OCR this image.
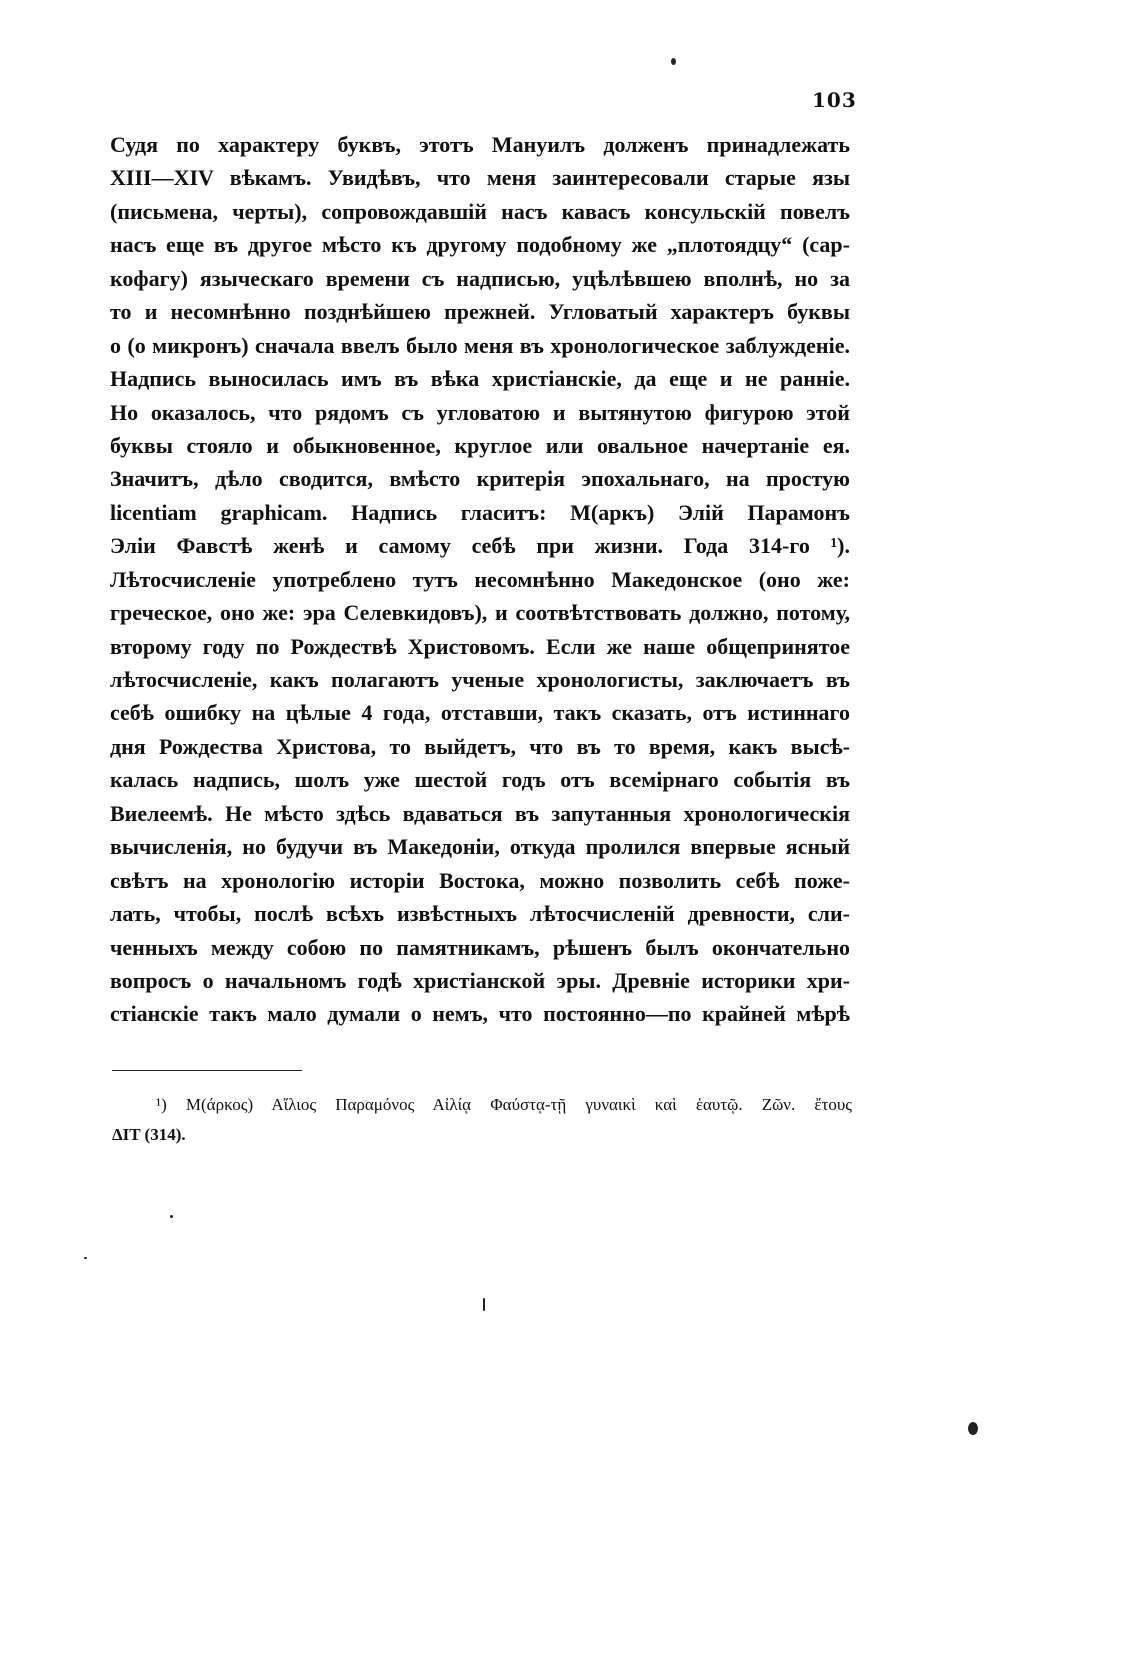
103
Судя по характеру буквъ, этотъ Мануилъ долженъ принадлежать
XIII—XIV вѣкамъ. Увидѣвъ, что меня заинтересовали старые язы
(письмена, черты), сопровождавшiй насъ кавасъ консульскiй повелъ
насъ еще въ другое мѣсто къ другому подобному же „плотоядцу“ (сар-
кофагу) языческаго времени съ надписью, уцѣлѣвшею вполнѣ, но за
то и несомнѣнно позднѣйшею прежней. Угловатый характеръ буквы
о (о микронъ) сначала ввелъ было меня въ хронологическое заблужденie.
Надпись выносилась имъ въ вѣка христiанскiе, да еще и не раннiе.
Но оказалось, что рядомъ съ угловатою и вытянутою фигурою этой
буквы стояло и обыкновенное, круглое или овальное начертанie ея.
Значитъ, дѣло сводится, вмѣсто критерiя эпохальнаго, на простую
licentiam graphicam. Надпись гласитъ: М(аркъ) Элiй Парамонъ
Элiи Фавстѣ женѣ и самому себѣ при жизни. Года 314-го ¹).
Лѣтосчисленie употреблено тутъ несомнѣнно Македонское (оно же:
греческое, оно же: эра Селевкидовъ), и соотвѣтствовать должно, потому,
второму году по Рождествѣ Христовомъ. Если же наше общепринятое
лѣтосчисленie, какъ полагаютъ ученые хронологисты, заключаетъ въ
себѣ ошибку на цѣлые 4 года, отставши, такъ сказать, отъ истиннаго
дня Рождества Христова, то выйдетъ, что въ то время, какъ высѣ-
калась надпись, шолъ уже шестой годъ отъ всемiрнаго событiя въ
Виелеемѣ. Не мѣсто здѣсь вдаваться въ запутанныя хронологическiя
вычисленiя, но будучи въ Македонiи, откуда пролился впервые ясный
свѣтъ на хронологiю исторiи Востока, можно позволить себѣ поже-
лать, чтобы, послѣ всѣхъ извѣстныхъ лѣтосчисленiй древности, сли-
ченныхъ между собою по памятникамъ, рѣшенъ былъ окончательно
вопросъ о начальномъ годѣ христiанской эры. Древнiе историки хри-
стiанскiе такъ мало думали о немъ, что постоянно—по крайней мѣрѣ
¹) Μ(άρκος) Αἴλιος Παραμόνος Αἰλίᾳ Φαύστᾳ-τῇ γυναικὶ καὶ ἑαυτῷ. Ζῶν. ἔτους
ΔΙΤ (314).
